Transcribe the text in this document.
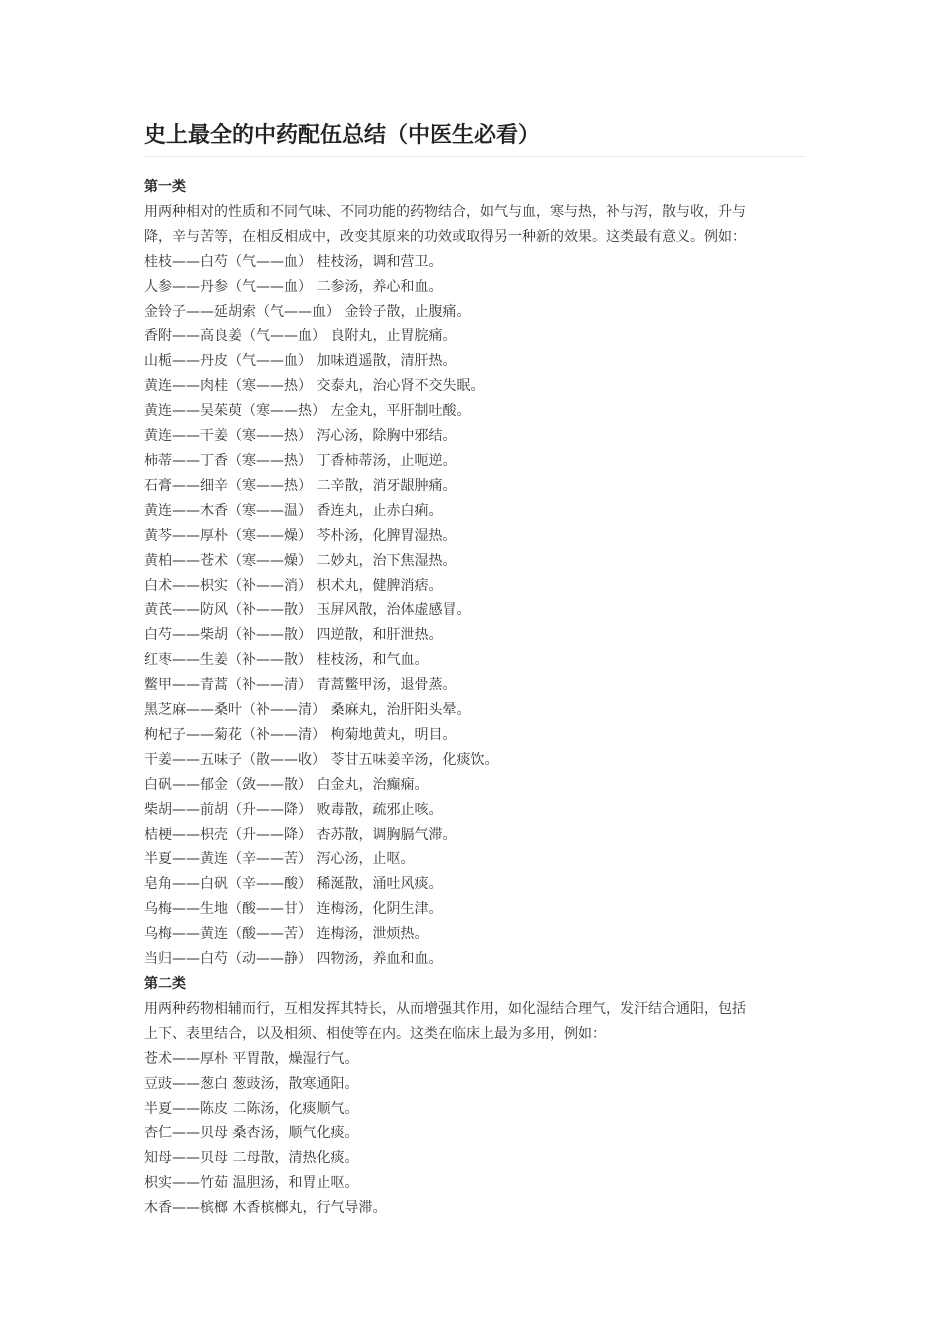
史上最全的中药配伍总结（中医生必看）
第一类
用两种相对的性质和不同气味、不同功能的药物结合，如气与血，寒与热，补与泻，散与收，升与
降，辛与苦等，在相反相成中，改变其原来的功效或取得另一种新的效果。这类最有意义。例如：
桂枝——白芍（气——血） 桂枝汤，调和营卫。
人参——丹参（气——血） 二参汤，养心和血。
金铃子——延胡索（气——血） 金铃子散，止腹痛。
香附——高良姜（气——血） 良附丸，止胃脘痛。
山栀——丹皮（气——血） 加味逍遥散，清肝热。
黄连——肉桂（寒——热） 交泰丸，治心肾不交失眠。
黄连——吴茱萸（寒——热） 左金丸，平肝制吐酸。
黄连——干姜（寒——热） 泻心汤，除胸中邪结。
柿蒂——丁香（寒——热） 丁香柿蒂汤，止呃逆。
石膏——细辛（寒——热） 二辛散，消牙龈肿痛。
黄连——木香（寒——温） 香连丸，止赤白痢。
黄芩——厚朴（寒——燥） 芩朴汤，化脾胃湿热。
黄柏——苍术（寒——燥） 二妙丸，治下焦湿热。
白术——枳实（补——消） 枳术丸，健脾消痞。
黄芪——防风（补——散） 玉屏风散，治体虚感冒。
白芍——柴胡（补——散） 四逆散，和肝泄热。
红枣——生姜（补——散） 桂枝汤，和气血。
鳖甲——青蒿（补——清） 青蒿鳖甲汤，退骨蒸。
黑芝麻——桑叶（补——清） 桑麻丸，治肝阳头晕。
枸杞子——菊花（补——清） 枸菊地黄丸，明目。
干姜——五味子（散——收） 苓甘五味姜辛汤，化痰饮。
白矾——郁金（敛——散） 白金丸，治癫痫。
柴胡——前胡（升——降） 败毒散，疏邪止咳。
桔梗——枳壳（升——降） 杏苏散，调胸膈气滞。
半夏——黄连（辛——苦） 泻心汤，止呕。
皂角——白矾（辛——酸） 稀涎散，涌吐风痰。
乌梅——生地（酸——甘） 连梅汤，化阴生津。
乌梅——黄连（酸——苦） 连梅汤，泄烦热。
当归——白芍（动——静） 四物汤，养血和血。
第二类
用两种药物相辅而行，互相发挥其特长，从而增强其作用，如化湿结合理气，发汗结合通阳，包括
上下、表里结合，以及相须、相使等在内。这类在临床上最为多用，例如：
苍术——厚朴 平胃散，燥湿行气。
豆豉——葱白 葱豉汤，散寒通阳。
半夏——陈皮 二陈汤，化痰顺气。
杏仁——贝母 桑杏汤，顺气化痰。
知母——贝母 二母散，清热化痰。
枳实——竹茹 温胆汤，和胃止呕。
木香——槟榔 木香槟榔丸，行气导滞。
